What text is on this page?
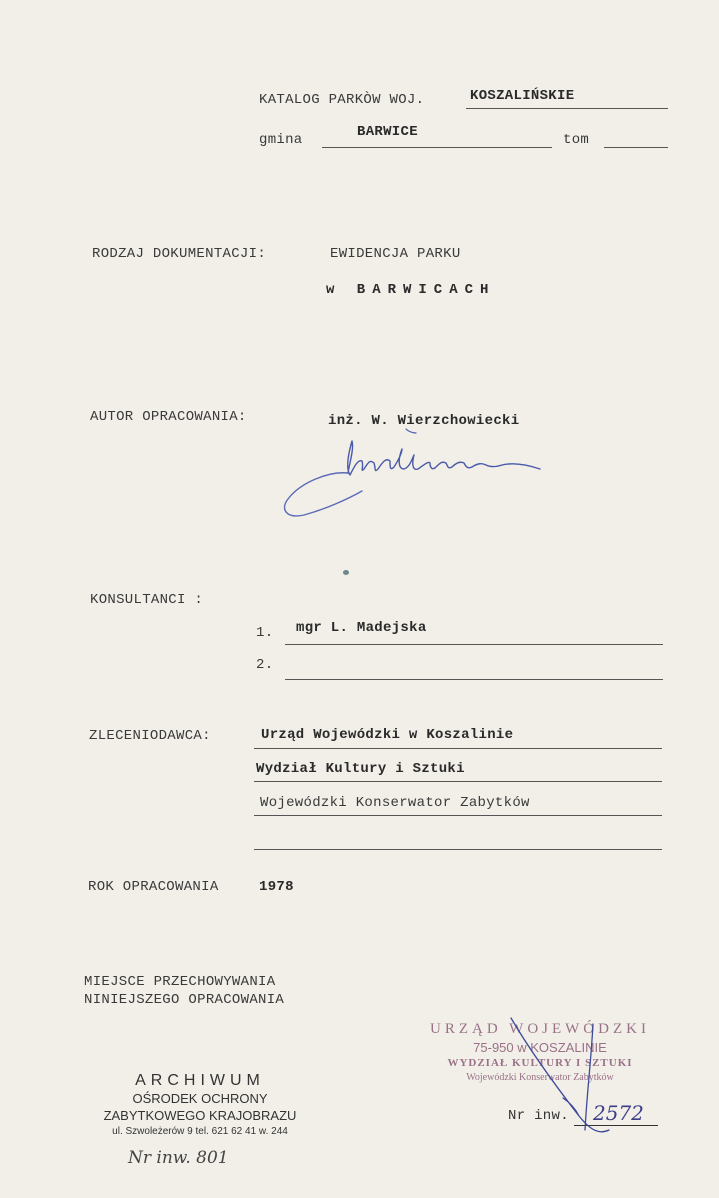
KATALOG PARKÒW WOJ.	KOSZALIŃSKIE
gmina	BARWICE	tom
RODZAJ DOKUMENTACJI:	EWIDENCJA PARKU
w BARWICACH
AUTOR OPRACOWANIA:	inż. W. Wierzchowiecki
KONSULTANCI :
1. mgr L. Madejska
2.
ZLECENIODAWCA:	Urząd Wojewódzki w Koszalinie
Wydział Kultury i Sztuki
Wojewódzki Konserwator Zabytków
ROK OPRACOWANIA	1978
MIEJSCE PRZECHOWYWANIA
NINIEJSZEGO OPRACOWANIA
ARCHIWUM
OŚRODEK OCHRONY
ZABYTKOWEGO KRAJOBRAZU
ul. Szwoleżerów 9 tel. 621 62 41 w. 244
Nr inw. 801
URZĄD WOJEWÓDZKI
75-950 w KOSZALINIE
WYDZIAŁ KULTURY I SZTUKI
Wojewódzki Konserwator Zabytków
Nr inw. 2572
